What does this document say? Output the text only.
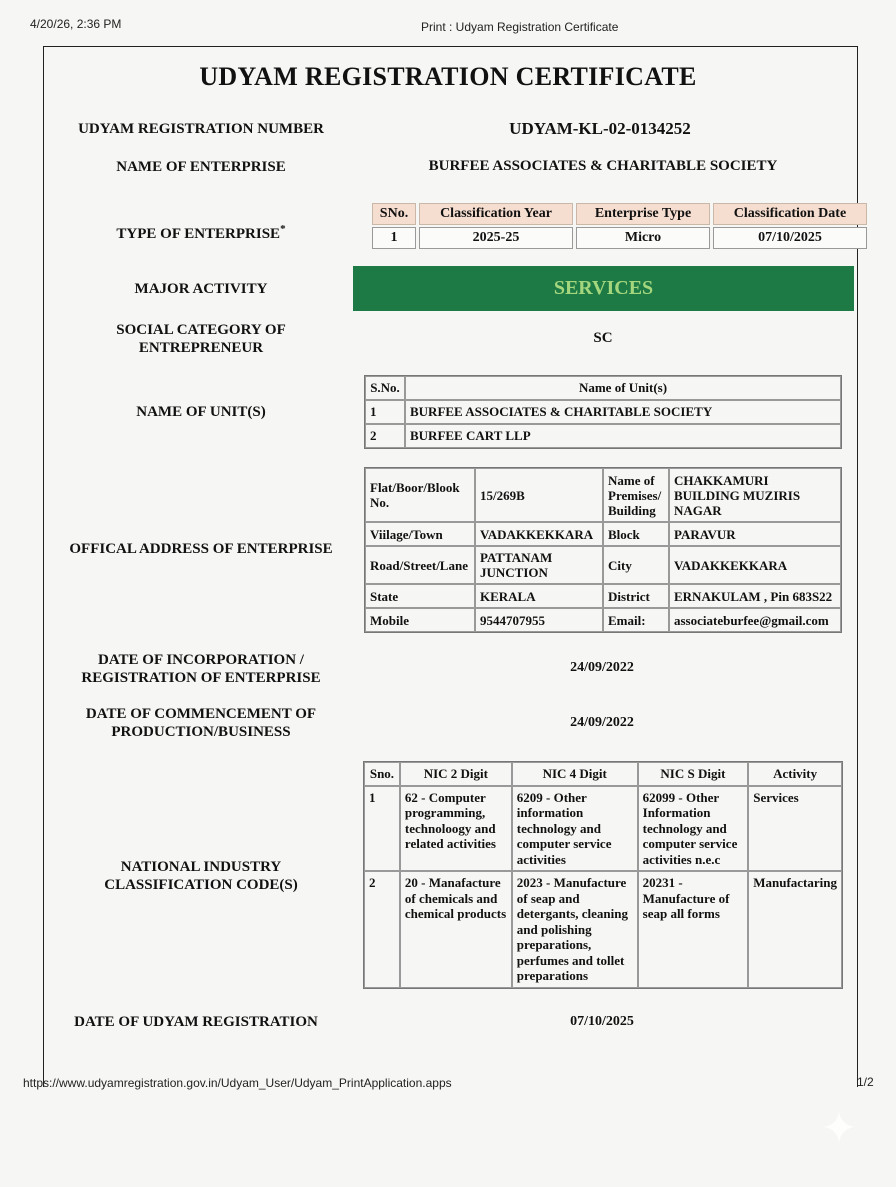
4/20/26, 2:36 PM	Print : Udyam Registration Certificate
UDYAM REGISTRATION CERTIFICATE
UDYAM REGISTRATION NUMBER	UDYAM-KL-02-0134252
NAME OF ENTERPRISE	BURFEE ASSOCIATES & CHARITABLE SOCIETY
TYPE OF ENTERPRISE*
SNo.	Classification Year	Enterprise Type	Classification Date
1	2025-25	Micro	07/10/2025
MAJOR ACTIVITY	SERVICES
SOCIAL CATEGORY OF
ENTREPRENEUR
SC
NAME OF UNIT(S)
S.No.	Name of Unit(s)
1	BURFEE ASSOCIATES & CHARITABLE SOCIETY
2	BURFEE CART LLP
OFFICAL ADDRESS OF ENTERPRISE
Flat/Boor/Blook No.	15/269B	Name of Premises/ Building	CHAKKAMURI BUILDING MUZIRIS NAGAR
Viilage/Town	VADAKKEKKARA	Block	PARAVUR
Road/Street/Lane	PATTANAM JUNCTION	City	VADAKKEKKARA
State	KERALA	District	ERNAKULAM , Pin 683S22
Mobile	9544707955	Email:	associateburfee@gmail.com
DATE OF INCORPORATION /
REGISTRATION OF ENTERPRISE
24/09/2022
DATE OF COMMENCEMENT OF
PRODUCTION/BUSINESS
24/09/2022
NATIONAL INDUSTRY
CLASSIFICATION CODE(S)
Sno.	NIC 2 Digit	NIC 4 Digit	NIC S Digit	Activity
1	62 - Computer programming, technoloogy and related activities	6209 - Other information technology and computer service activities	62099 - Other Information technology and computer service activities n.e.c	Services
2	20 - Manafacture of chemicals and chemical products	2023 - Manufacture of seap and detergants, cleaning and polishing preparations, perfumes and tollet preparations	20231 - Manufacture of seap all forms	Manufactaring
DATE OF UDYAM REGISTRATION	07/10/2025
https://www.udyamregistration.gov.in/Udyam_User/Udyam_PrintApplication.apps	1/2
✦
